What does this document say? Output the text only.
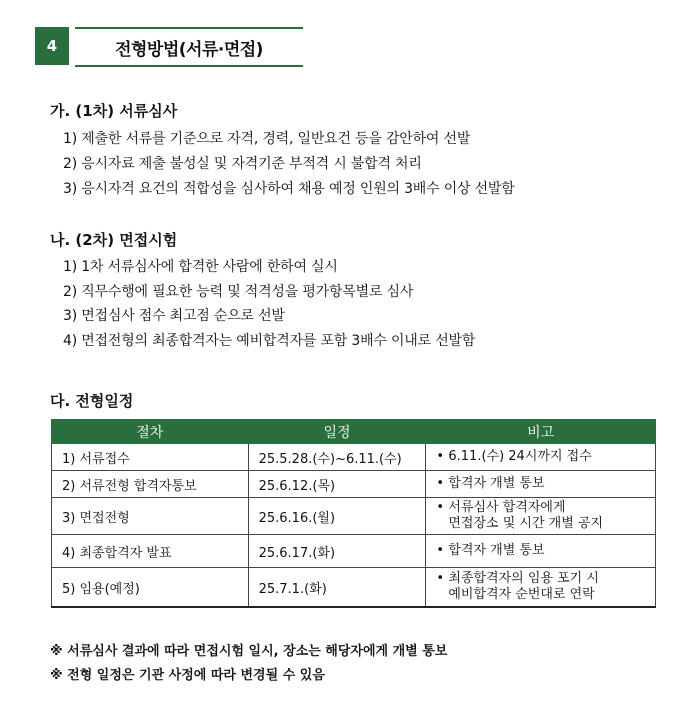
4	전형방법(서류·면접)
가. (1차) 서류심사
1) 제출한 서류를 기준으로 자격, 경력, 일반요건 등을 감안하여 선발
2) 응시자료 제출 불성실 및 자격기준 부적격 시 불합격 처리
3) 응시자격 요건의 적합성을 심사하여 채용 예정 인원의 3배수 이상 선발함
나. (2차) 면접시험
1) 1차 서류심사에 합격한 사람에 한하여 실시
2) 직무수행에 필요한 능력 및 적격성을 평가항목별로 심사
3) 면접심사 점수 최고점 순으로 선발
4) 면접전형의 최종합격자는 예비합격자를 포함 3배수 이내로 선발함
다. 전형일정
절차	일정	비고
1) 서류접수	25.5.28.(수)~6.11.(수)	• 6.11.(수) 24시까지 접수

2) 서류전형 합격자통보	25.6.12.(목)	• 합격자 개별 통보

3) 면접전형	25.6.16.(월)	• 서류심사 합격자에게
면접장소 및 시간 개별 공지

4) 최종합격자 발표	25.6.17.(화)	• 합격자 개별 통보

5) 임용(예정)	25.7.1.(화)	• 최종합격자의 임용 포기 시
예비합격자 순번대로 연락
※ 서류심사 결과에 따라 면접시험 일시, 장소는 해당자에게 개별 통보
※ 전형 일정은 기관 사정에 따라 변경될 수 있음
